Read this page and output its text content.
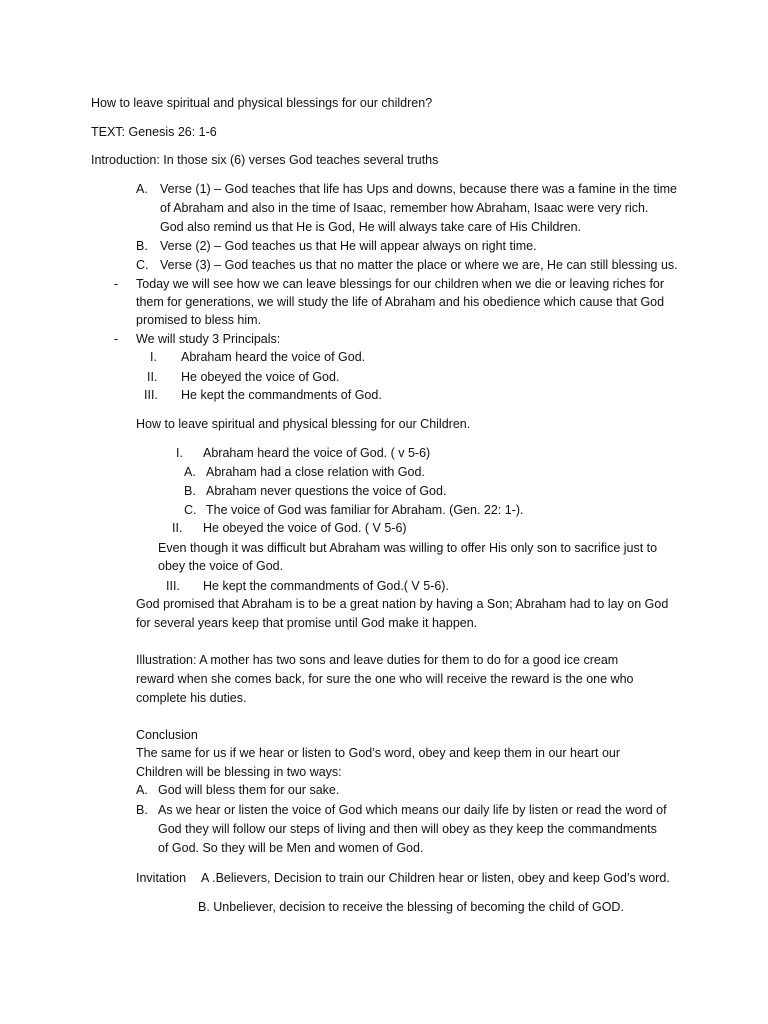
How to leave spiritual and physical blessings for our children?
TEXT: Genesis 26: 1-6
Introduction: In those six (6) verses God teaches several truths
A. Verse (1) – God teaches that life has Ups and downs, because there was a famine in the time
of Abraham and also in the time of Isaac, remember how Abraham, Isaac were very rich.
God also remind us that He is God, He will always take care of His Children.
B. Verse (2) – God teaches us that He will appear always on right time.
C. Verse (3) – God teaches us that no matter the place or where we are, He can still blessing us.
- Today we will see how we can leave blessings for our children when we die or leaving riches for
them for generations, we will study the life of Abraham and his obedience which cause that God
promised to bless him.
- We will study 3 Principals:
I. Abraham heard the voice of God.
II. He obeyed the voice of God.
III. He kept the commandments of God.
How to leave spiritual and physical blessing for our Children.
I. Abraham heard the voice of God. ( v 5-6)
A. Abraham had a close relation with God.
B. Abraham never questions the voice of God.
C. The voice of God was familiar for Abraham. (Gen. 22: 1-).
II. He obeyed the voice of God. ( V 5-6)
Even though it was difficult but Abraham was willing to offer His only son to sacrifice just to
obey the voice of God.
III. He kept the commandments of God.( V 5-6).
God promised that Abraham is to be a great nation by having a Son; Abraham had to lay on God
for several years keep that promise until God make it happen.
Illustration: A mother has two sons and leave duties for them to do for a good ice cream
reward when she comes back, for sure the one who will receive the reward is the one who
complete his duties.
Conclusion
The same for us if we hear or listen to God’s word, obey and keep them in our heart our
Children will be blessing in two ways:
A. God will bless them for our sake.
B. As we hear or listen the voice of God which means our daily life by listen or read the word of
God they will follow our steps of living and then will obey as they keep the commandments
of God. So they will be Men and women of God.
Invitation A .Believers, Decision to train our Children hear or listen, obey and keep God’s word.
B. Unbeliever, decision to receive the blessing of becoming the child of GOD.
